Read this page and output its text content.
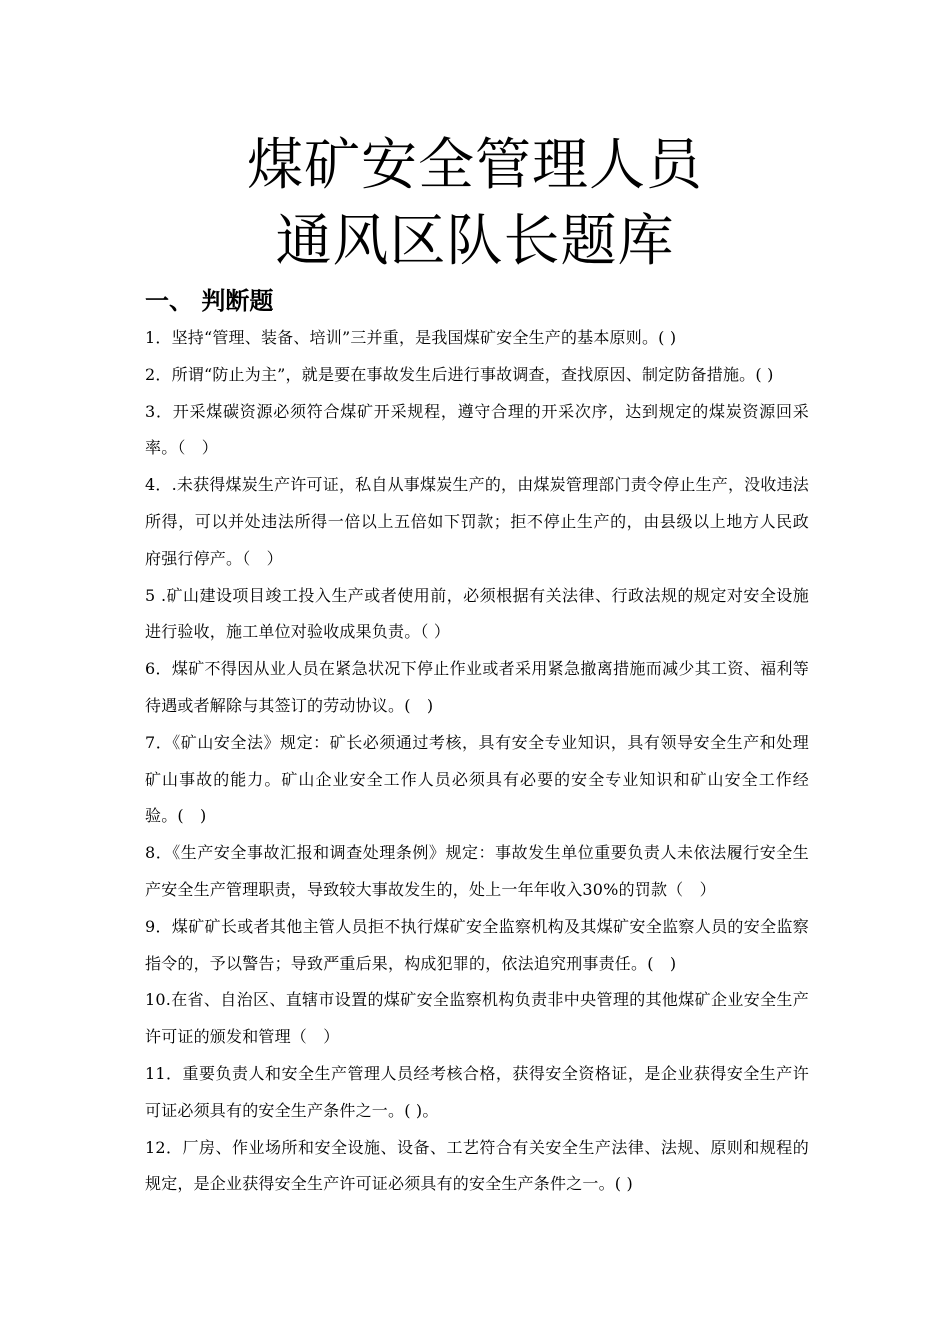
煤矿安全管理人员
通风区队长题库
一、 判断题

1．坚持“管理、装备、培训”三并重，是我国煤矿安全生产的基本原则。( )

2．所谓“防止为主”，就是要在事故发生后进行事故调查，查找原因、制定防备措施。( )

3．开采煤碳资源必须符合煤矿开采规程，遵守合理的开采次序，达到规定的煤炭资源回采率。（　）

4．.未获得煤炭生产许可证，私自从事煤炭生产的，由煤炭管理部门责令停止生产，没收违法所得，可以并处违法所得一倍以上五倍如下罚款；拒不停止生产的，由县级以上地方人民政府强行停产。（　）

5 .矿山建设项目竣工投入生产或者使用前，必须根据有关法律、行政法规的规定对安全设施进行验收，施工单位对验收成果负责。（ ）

6．煤矿不得因从业人员在紧急状况下停止作业或者采用紧急撤离措施而减少其工资、福利等待遇或者解除与其签订的劳动协议。(　)

7．《矿山安全法》规定：矿长必须通过考核，具有安全专业知识，具有领导安全生产和处理矿山事故的能力。矿山企业安全工作人员必须具有必要的安全专业知识和矿山安全工作经验。(　)

8．《生产安全事故汇报和调查处理条例》规定：事故发生单位重要负责人未依法履行安全生产安全生产管理职责，导致较大事故发生的，处上一年年收入30%的罚款（　）

9．煤矿矿长或者其他主管人员拒不执行煤矿安全监察机构及其煤矿安全监察人员的安全监察指令的，予以警告；导致严重后果，构成犯罪的，依法追究刑事责任。(　)

10.在省、自治区、直辖市设置的煤矿安全监察机构负责非中央管理的其他煤矿企业安全生产许可证的颁发和管理（　）

11．重要负责人和安全生产管理人员经考核合格，获得安全资格证，是企业获得安全生产许可证必须具有的安全生产条件之一。( )。

12．厂房、作业场所和安全设施、设备、工艺符合有关安全生产法律、法规、原则和规程的规定，是企业获得安全生产许可证必须具有的安全生产条件之一。( )
